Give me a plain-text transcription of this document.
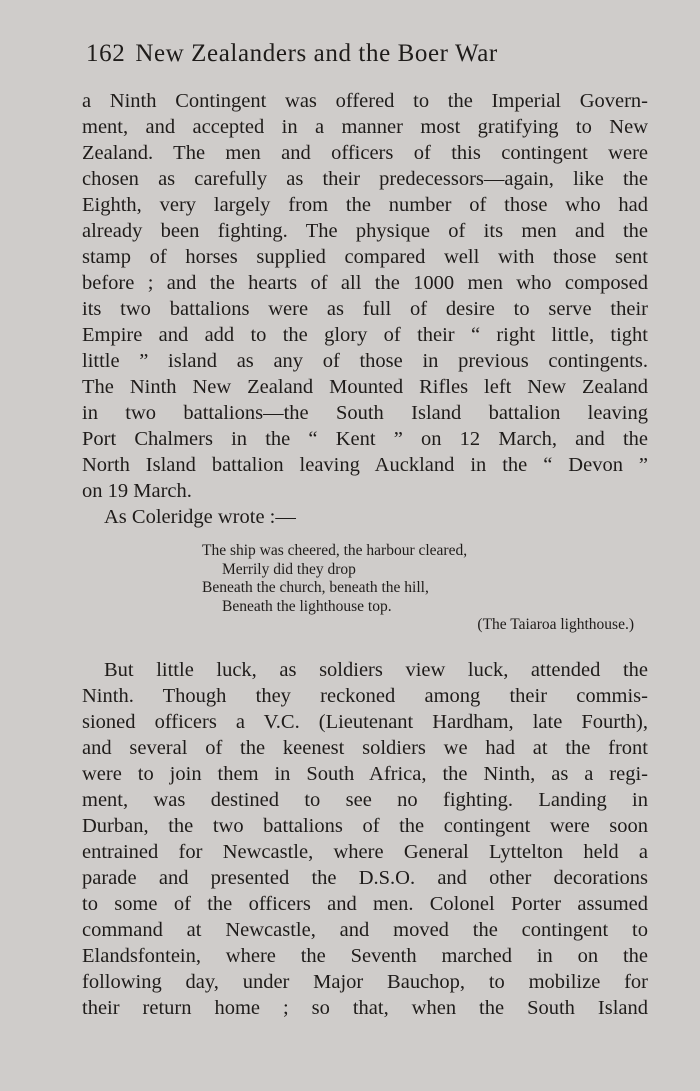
162 New Zealanders and the Boer War
a Ninth Contingent was offered to the Imperial Govern-
ment, and accepted in a manner most gratifying to New
Zealand. The men and officers of this contingent were
chosen as carefully as their predecessors—again, like the
Eighth, very largely from the number of those who had
already been fighting. The physique of its men and the
stamp of horses supplied compared well with those sent
before ; and the hearts of all the 1000 men who composed
its two battalions were as full of desire to serve their
Empire and add to the glory of their “ right little, tight
little ” island as any of those in previous contingents.
The Ninth New Zealand Mounted Rifles left New Zealand
in two battalions—the South Island battalion leaving
Port Chalmers in the “ Kent ” on 12 March, and the
North Island battalion leaving Auckland in the “ Devon ”
on 19 March.
As Coleridge wrote :—
The ship was cheered, the harbour cleared,
Merrily did they drop
Beneath the church, beneath the hill,
Beneath the lighthouse top.
(The Taiaroa lighthouse.)
But little luck, as soldiers view luck, attended the
Ninth. Though they reckoned among their commis-
sioned officers a V.C. (Lieutenant Hardham, late Fourth),
and several of the keenest soldiers we had at the front
were to join them in South Africa, the Ninth, as a regi-
ment, was destined to see no fighting. Landing in
Durban, the two battalions of the contingent were soon
entrained for Newcastle, where General Lyttelton held a
parade and presented the D.S.O. and other decorations
to some of the officers and men. Colonel Porter assumed
command at Newcastle, and moved the contingent to
Elandsfontein, where the Seventh marched in on the
following day, under Major Bauchop, to mobilize for
their return home ; so that, when the South Island
